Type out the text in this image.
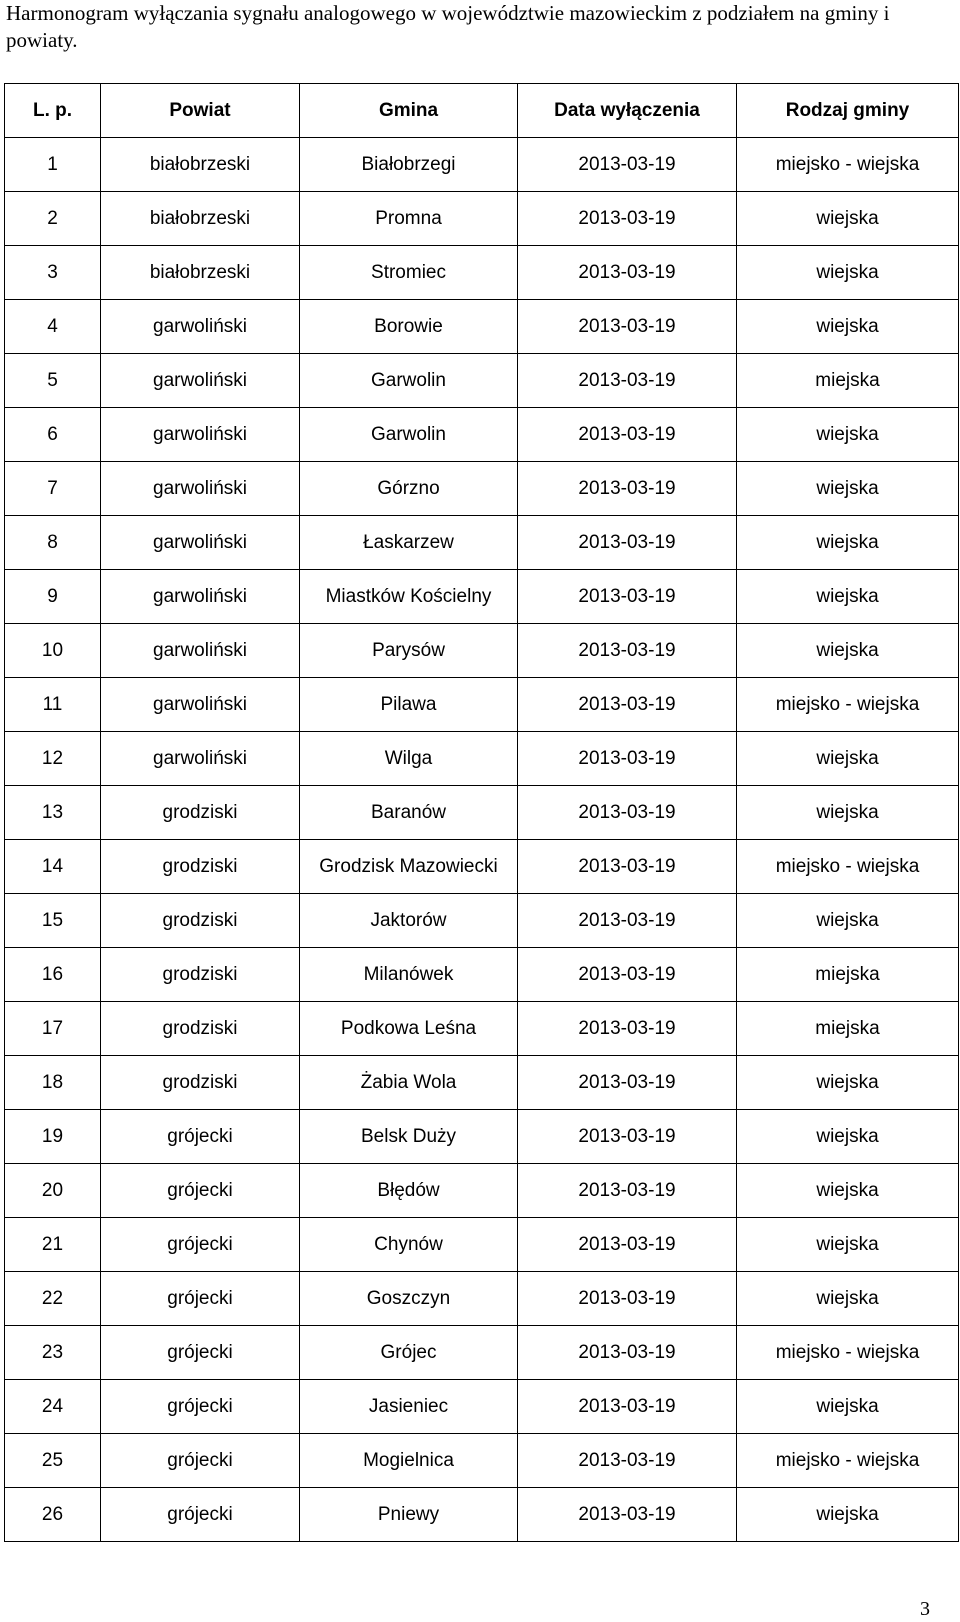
Harmonogram wyłączania sygnału analogowego w województwie mazowieckim z podziałem na gminy i powiaty.
L. p.	Powiat	Gmina	Data wyłączenia	Rodzaj gminy
1	białobrzeski	Białobrzegi	2013-03-19	miejsko - wiejska
2	białobrzeski	Promna	2013-03-19	wiejska
3	białobrzeski	Stromiec	2013-03-19	wiejska
4	garwoliński	Borowie	2013-03-19	wiejska
5	garwoliński	Garwolin	2013-03-19	miejska
6	garwoliński	Garwolin	2013-03-19	wiejska
7	garwoliński	Górzno	2013-03-19	wiejska
8	garwoliński	Łaskarzew	2013-03-19	wiejska
9	garwoliński	Miastków Kościelny	2013-03-19	wiejska
10	garwoliński	Parysów	2013-03-19	wiejska
11	garwoliński	Pilawa	2013-03-19	miejsko - wiejska
12	garwoliński	Wilga	2013-03-19	wiejska
13	grodziski	Baranów	2013-03-19	wiejska
14	grodziski	Grodzisk Mazowiecki	2013-03-19	miejsko - wiejska
15	grodziski	Jaktorów	2013-03-19	wiejska
16	grodziski	Milanówek	2013-03-19	miejska
17	grodziski	Podkowa Leśna	2013-03-19	miejska
18	grodziski	Żabia Wola	2013-03-19	wiejska
19	grójecki	Belsk Duży	2013-03-19	wiejska
20	grójecki	Błędów	2013-03-19	wiejska
21	grójecki	Chynów	2013-03-19	wiejska
22	grójecki	Goszczyn	2013-03-19	wiejska
23	grójecki	Grójec	2013-03-19	miejsko - wiejska
24	grójecki	Jasieniec	2013-03-19	wiejska
25	grójecki	Mogielnica	2013-03-19	miejsko - wiejska
26	grójecki	Pniewy	2013-03-19	wiejska
3
